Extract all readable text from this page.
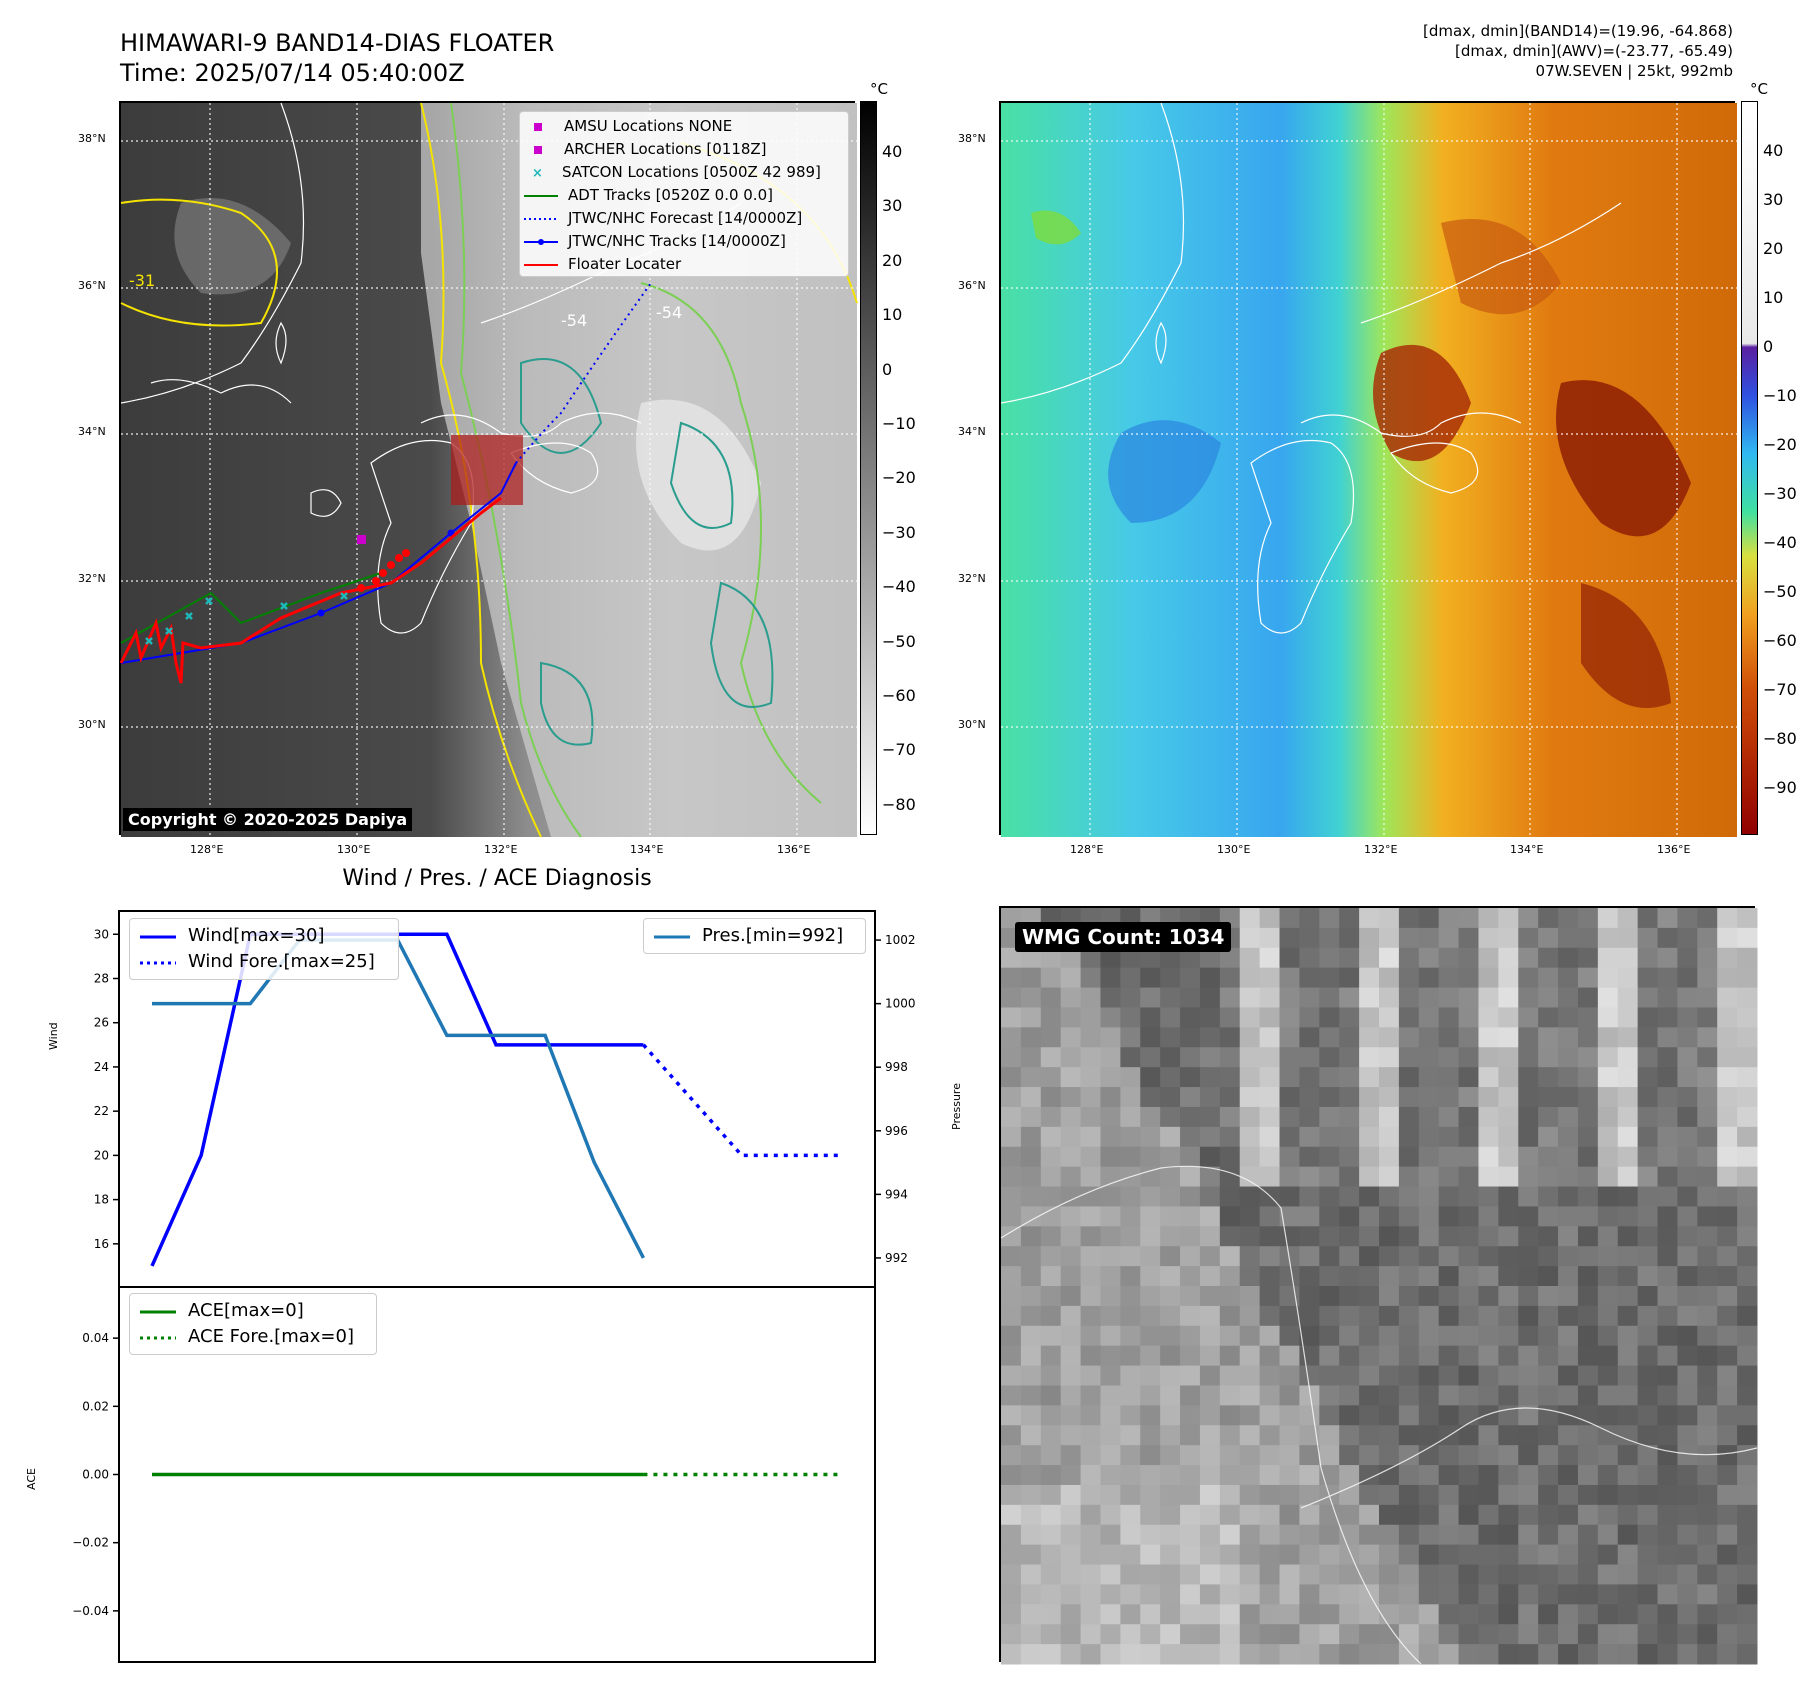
HIMAWARI-9 BAND14-DIAS FLOATER
Time: 2025/07/14 05:40:00Z
[dmax, dmin](BAND14)=(19.96, -64.868)
[dmax, dmin](AWV)=(-23.77, -65.49)
07W.SEVEN | 25kt, 992mb
-31
-54	-54
AMSU Locations NONE
ARCHER Locations [0118Z]
× SATCON Locations [0500Z 42 989]
ADT Tracks [0520Z 0.0 0.0]
JTWC/NHC Forecast [14/0000Z]
JTWC/NHC Tracks [14/0000Z]
Floater Locater
Copyright © 2020-2025 Dapiya
38°N
36°N
34°N
32°N
30°N
128°E	130°E	132°E	134°E	136°E
°C
40
30
20
10
0
−10
−20
−30
−40
−50
−60
−70
−80
38°N
36°N
34°N
32°N
30°N
128°E	130°E	132°E	134°E	136°E
°C
40
30
20
10
0
−10
−20
−30
−40
−50
−60
−70
−80
−90
Wind / Pres. / ACE Diagnosis
Wind
Pressure
ACE
16
18
20
22
24
26
28
30
992
994
996
998
1000
1002
0.04
0.02
0.00
−0.02
−0.04
Wind[max=30]
Wind Fore.[max=25]
Pres.[min=992]
ACE[max=0]
ACE Fore.[max=0]
WMG Count: 1034
